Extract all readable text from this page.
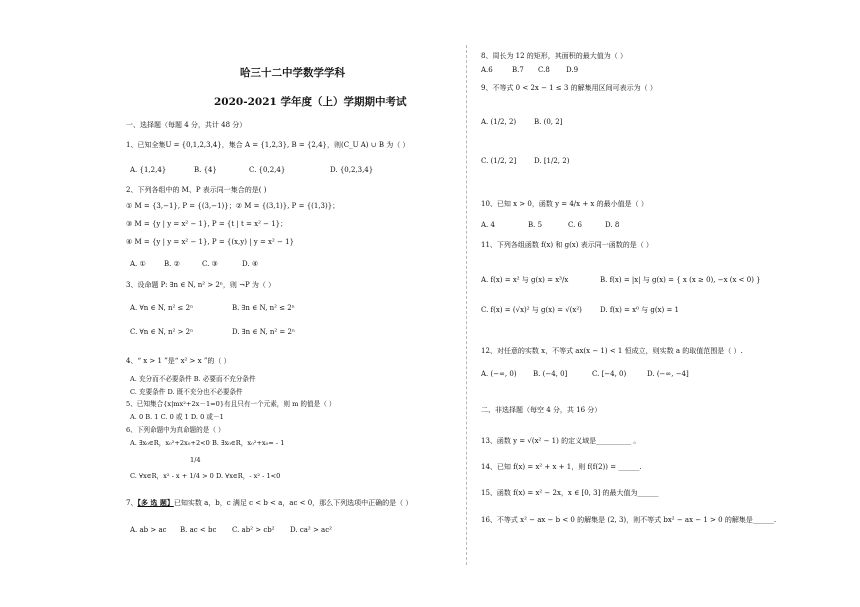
哈三十二中学数学学科
2020-2021 学年度（上）学期期中考试
一、选择题（每题 4 分，共计 48 分）
1、已知全集U = {0,1,2,3,4}，集合 A = {1,2,3}, B = {2,4}，则(C_U A) ∪ B 为（ ）
A. {1,2,4}	B. {4}	C. {0,2,4}	D. {0,2,3,4}
2、下列各组中的 M、P 表示同一集合的是( )
① M = {3,−1}, P = {(3,−1)}；② M = {(3,1)}, P = {(1,3)}；
③ M = {y | y = x² − 1}, P = {t | t = x² − 1}；
④ M = {y | y = x² − 1}, P = {(x,y) | y = x² − 1}
A. ①	B. ②	C. ③	D. ④
3、设命题 P: ∃n ∈ N, n² > 2ⁿ，则 ¬P 为（ ）
A. ∀n ∈ N, n² ≤ 2ⁿ	B. ∃n ∈ N, n² ≤ 2ⁿ
C. ∀n ∈ N, n² > 2ⁿ	D. ∃n ∈ N, n² = 2ⁿ
4、“ x > 1 ”是“ x² > x ”的（ ）
A. 充分而不必要条件 B. 必要而不充分条件
C. 充要条件 D. 既不充分也不必要条件
5、已知集合{x|mx²+2x－1=0}有且只有一个元素，则 m 的值是（ ）
A. 0 B. 1 C. 0 或 1 D. 0 或－1
6、下列命题中为真命题的是（ ）
A. ∃x₀∈R，x₀²+2x₀+2<0 B. ∃x₀∈R，x₀²+x₀= - 1
1/4
C. ∀x∈R，x² - x + 1/4 > 0 D. ∀x∈R，- x² - 1<0
7、【多 选 题】已知实数 a，b，c 满足 c < b < a，ac < 0，那么下列选项中正确的是（ ）
A. ab > ac B. ac < bc C. ab² > cb² D. ca² > ac²
8、周长为 12 的矩形，其面积的最大值为（ ）
A.6	B.7 C.8 D.9
9、不等式 0 < 2x − 1 ≤ 3 的解集用区间可表示为（ ）
A. (1/2, 2)	B. (0, 2]
C. (1/2, 2]	D. [1/2, 2)
10、已知 x > 0，函数 y = 4/x + x 的最小值是（ ）
A. 4	B. 5	C. 6	D. 8
11、下列各组函数 f(x) 和 g(x) 表示同一函数的是（ ）
A. f(x) = x² 与 g(x) = x³/x	B. f(x) = |x| 与 g(x) = { x (x ≥ 0), −x (x < 0) }
C. f(x) = (√x)² 与 g(x) = √(x²)	D. f(x) = x⁰ 与 g(x) = 1
12、对任意的实数 x，不等式 ax(x − 1) < 1 恒成立，则实数 a 的取值范围是（ ）.
A. (−∞, 0) B. (−4, 0]	C. [−4, 0)	D. (−∞, −4]
二、非选择题（每空 4 分，共 16 分）
13、函数 y = √(x² − 1) 的定义域是__________ 。
14、已知 f(x) = x² + x + 1，则 f(f(2)) = ______.
15、函数 f(x) = x² − 2x，x ∈ [0, 3] 的最大值为______
16、不等式 x² − ax − b < 0 的解集是 (2, 3)，则不等式 bx² − ax − 1 > 0 的解集是______.
